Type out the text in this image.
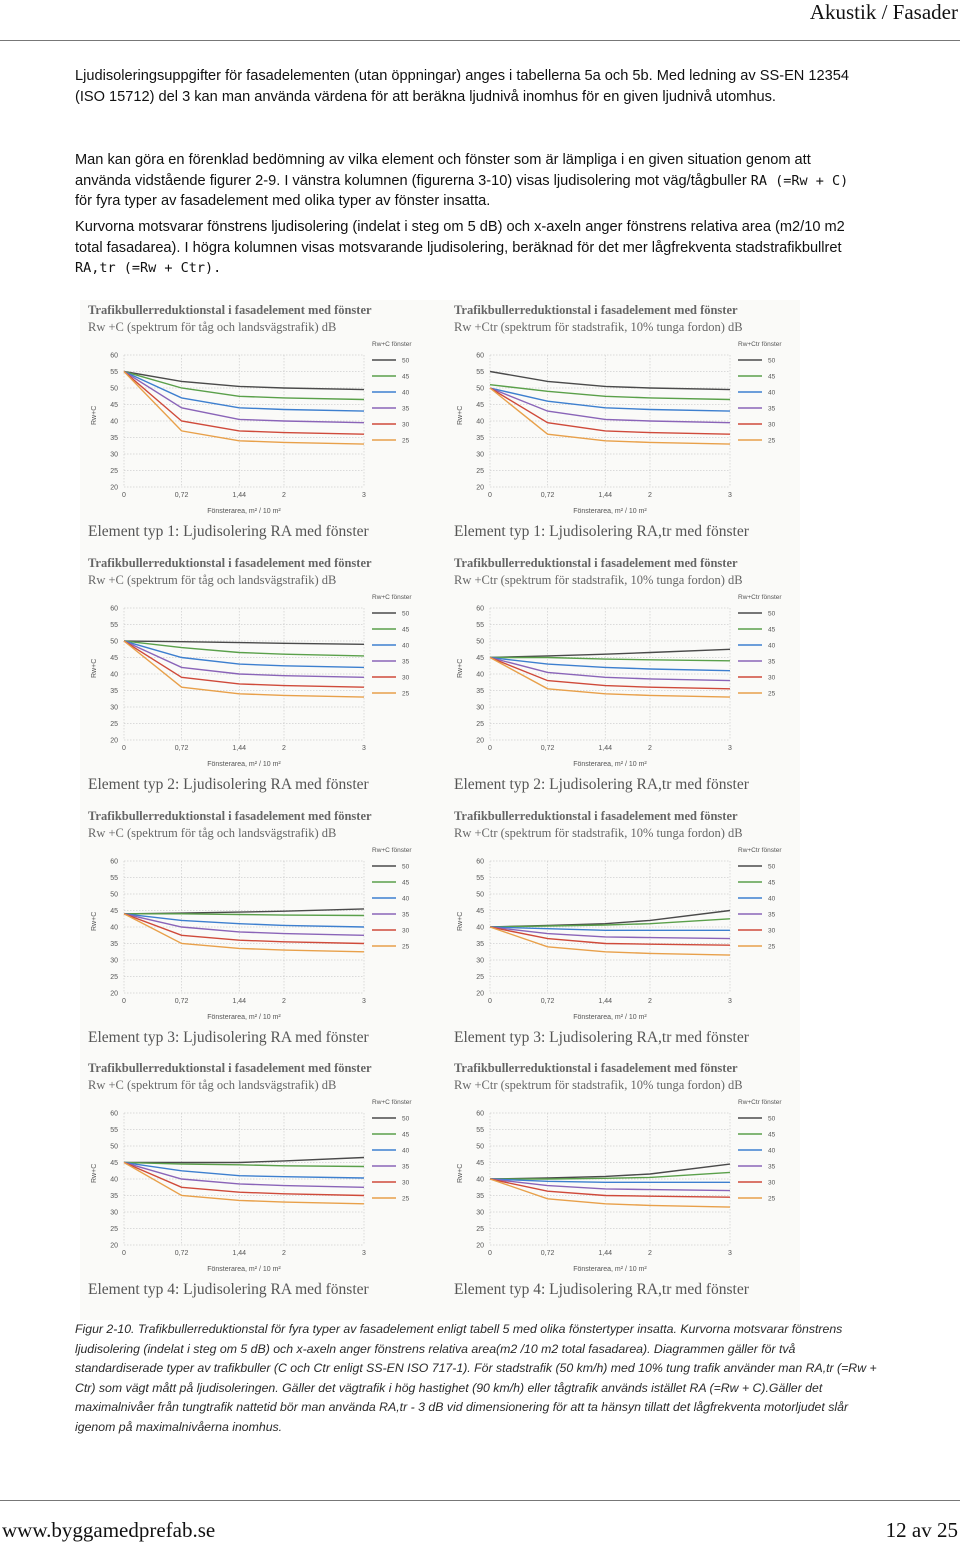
Akustik / Fasader

Ljudisoleringsuppgifter för fasadelementen (utan öppningar) anges i tabellerna 5a och 5b. Med ledning av SS-EN 12354 (ISO 15712) del 3 kan man använda värdena för att beräkna ljudnivå inomhus för en given ljudnivå utomhus.

Man kan göra en förenklad bedömning av vilka element och fönster som är lämpliga i en given situation genom att använda vidstående figurer 2-9. I vänstra kolumnen (figurerna 3-10) visas ljudisolering mot väg/tågbuller RA (=Rw + C) för fyra typer av fasadelement med olika typer av fönster insatta.

Kurvorna motsvarar fönstrens ljudisolering (indelat i steg om 5 dB) och x-axeln anger fönstrens relativa area (m2/10 m2 total fasadarea). I högra kolumnen visas motsvarande ljudisolering, beräknad för det mer lågfrekventa stadstrafikbullret RA,tr (=Rw + Ctr).
Trafikbullerreduktionstal i fasadelement med fönster
Rw +C (spektrum för tåg och landsvägstrafik) dB
Rw+C fönster
Rw+C
60
55
50
45
40
35
30
25
20
0	0,72	1,44	2	3
Fönsterarea, m² / 10 m²
50
45
40
35
30
25
Element typ 1: Ljudisolering RA med fönster
Trafikbullerreduktionstal i fasadelement med fönster
Rw +Ctr (spektrum för stadstrafik, 10% tunga fordon) dB
Rw+Ctr fönster
Rw+C
60
55
50
45
40
35
30
25
20
0	0,72	1,44	2	3
Fönsterarea, m² / 10 m²
50
45
40
35
30
25
Element typ 1: Ljudisolering RA,tr med fönster
Trafikbullerreduktionstal i fasadelement med fönster
Rw +C (spektrum för tåg och landsvägstrafik) dB
Rw+C fönster
Rw+C
60
55
50
45
40
35
30
25
20
0	0,72	1,44	2	3
Fönsterarea, m² / 10 m²
50
45
40
35
30
25
Element typ 2: Ljudisolering RA med fönster
Trafikbullerreduktionstal i fasadelement med fönster
Rw +Ctr (spektrum för stadstrafik, 10% tunga fordon) dB
Rw+Ctr fönster
Rw+C
60
55
50
45
40
35
30
25
20
0	0,72	1,44	2	3
Fönsterarea, m² / 10 m²
50
45
40
35
30
25
Element typ 2: Ljudisolering RA,tr med fönster
Trafikbullerreduktionstal i fasadelement med fönster
Rw +C (spektrum för tåg och landsvägstrafik) dB
Rw+C fönster
Rw+C
60
55
50
45
40
35
30
25
20
0	0,72	1,44	2	3
Fönsterarea, m² / 10 m²
50
45
40
35
30
25
Element typ 3: Ljudisolering RA med fönster
Trafikbullerreduktionstal i fasadelement med fönster
Rw +Ctr (spektrum för stadstrafik, 10% tunga fordon) dB
Rw+Ctr fönster
Rw+C
60
55
50
45
40
35
30
25
20
0	0,72	1,44	2	3
Fönsterarea, m² / 10 m²
50
45
40
35
30
25
Element typ 3: Ljudisolering RA,tr med fönster
Trafikbullerreduktionstal i fasadelement med fönster
Rw +C (spektrum för tåg och landsvägstrafik) dB
Rw+C fönster
Rw+C
60
55
50
45
40
35
30
25
20
0	0,72	1,44	2	3
Fönsterarea, m² / 10 m²
50
45
40
35
30
25
Element typ 4: Ljudisolering RA med fönster
Trafikbullerreduktionstal i fasadelement med fönster
Rw +Ctr (spektrum för stadstrafik, 10% tunga fordon) dB
Rw+Ctr fönster
Rw+C
60
55
50
45
40
35
30
25
20
0	0,72	1,44	2	3
Fönsterarea, m² / 10 m²
50
45
40
35
30
25
Element typ 4: Ljudisolering RA,tr med fönster
Figur 2-10. Trafikbullerreduktionstal för fyra typer av fasadelement enligt tabell 5 med olika fönstertyper insatta. Kurvorna motsvarar fönstrens ljudisolering (indelat i steg om 5 dB) och x-axeln anger fönstrens relativa area(m2 /10 m2 total fasadarea). Diagrammen gäller för två standardiserade typer av trafikbuller (C och Ctr enligt SS-EN ISO 717-1). För stadstrafik (50 km/h) med 10% tung trafik använder man RA,tr (=Rw + Ctr) som vägt mått på ljudisoleringen. Gäller det vägtrafik i hög hastighet (90 km/h) eller tågtrafik används istället RA (=Rw + C).Gäller det maximalnivåer från tungtrafik nattetid bör man använda RA,tr - 3 dB vid dimensionering för att ta hänsyn tillatt det lågfrekventa motorljudet slår igenom på maximalnivåerna inomhus.
www.byggamedprefab.se	12 av 25
